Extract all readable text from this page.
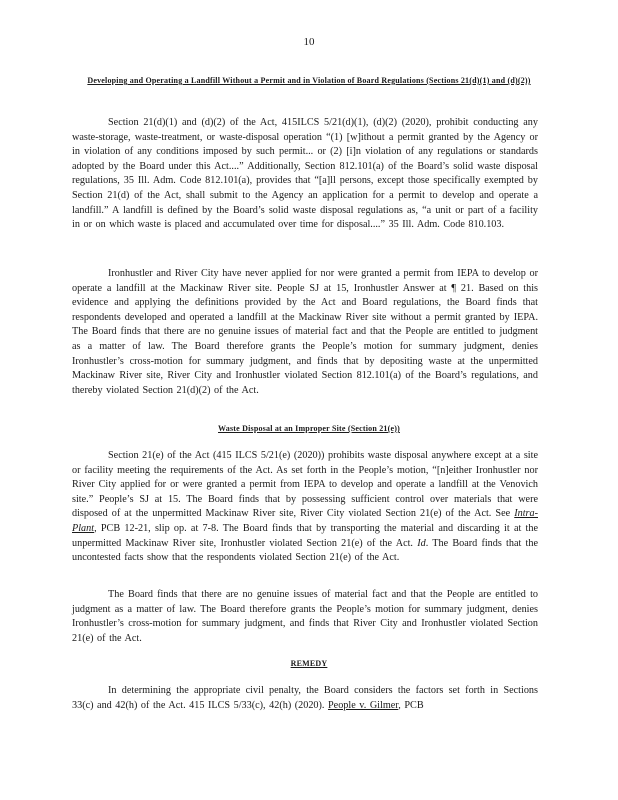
10
Developing and Operating a Landfill Without a Permit and in Violation of Board Regulations (Sections 21(d)(1) and (d)(2))

Section 21(d)(1) and (d)(2) of the Act, 415ILCS 5/21(d)(1), (d)(2) (2020), prohibit conducting any waste-storage, waste-treatment, or waste-disposal operation “(1) [w]ithout a permit granted by the Agency or in violation of any conditions imposed by such permit... or (2) [i]n violation of any regulations or standards adopted by the Board under this Act....” Additionally, Section 812.101(a) of the Board’s solid waste disposal regulations, 35 Ill. Adm. Code 812.101(a), provides that “[a]ll persons, except those specifically exempted by Section 21(d) of the Act, shall submit to the Agency an application for a permit to develop and operate a landfill.” A landfill is defined by the Board’s solid waste disposal regulations as, “a unit or part of a facility in or on which waste is placed and accumulated over time for disposal....” 35 Ill. Adm. Code 810.103.

Ironhustler and River City have never applied for nor were granted a permit from IEPA to develop or operate a landfill at the Mackinaw River site. People SJ at 15, Ironhustler Answer at ¶ 21. Based on this evidence and applying the definitions provided by the Act and Board regulations, the Board finds that respondents developed and operated a landfill at the Mackinaw River site without a permit granted by IEPA. The Board finds that there are no genuine issues of material fact and that the People are entitled to judgment as a matter of law. The Board therefore grants the People’s motion for summary judgment, denies Ironhustler’s cross-motion for summary judgment, and finds that by depositing waste at the unpermitted Mackinaw River site, River City and Ironhustler violated Section 812.101(a) of the Board’s regulations, and thereby violated Section 21(d)(2) of the Act.

Waste Disposal at an Improper Site (Section 21(e))

Section 21(e) of the Act (415 ILCS 5/21(e) (2020)) prohibits waste disposal anywhere except at a site or facility meeting the requirements of the Act. As set forth in the People’s motion, “[n]either Ironhustler nor River City applied for or were granted a permit from IEPA to develop and operate a landfill at the Venovich site.” People’s SJ at 15. The Board finds that by possessing sufficient control over materials that were disposed of at the unpermitted Mackinaw River site, River City violated Section 21(e) of the Act. See Intra-Plant, PCB 12-21, slip op. at 7-8. The Board finds that by transporting the material and discarding it at the unpermitted Mackinaw River site, Ironhustler violated Section 21(e) of the Act. Id. The Board finds that the uncontested facts show that the respondents violated Section 21(e) of the Act.

The Board finds that there are no genuine issues of material fact and that the People are entitled to judgment as a matter of law. The Board therefore grants the People’s motion for summary judgment, denies Ironhustler’s cross-motion for summary judgment, and finds that River City and Ironhustler violated Section 21(e) of the Act.

REMEDY

In determining the appropriate civil penalty, the Board considers the factors set forth in Sections 33(c) and 42(h) of the Act. 415 ILCS 5/33(c), 42(h) (2020). People v. Gilmer, PCB
